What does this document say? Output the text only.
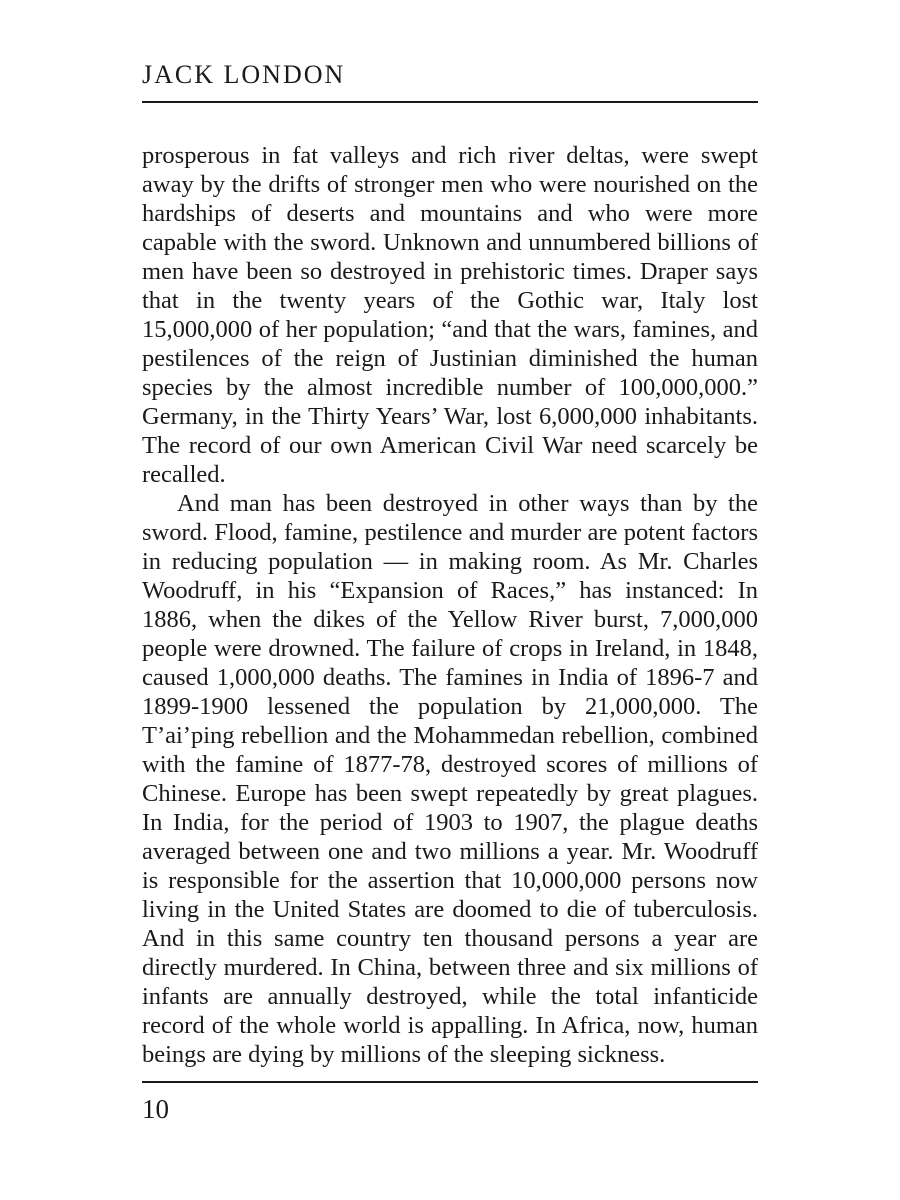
JACK LONDON

prosperous in fat valleys and rich river deltas, were swept away by the drifts of stronger men who were nourished on the hardships of deserts and mountains and who were more capable with the sword. Unknown and unnumbered billions of men have been so destroyed in prehistoric times. Draper says that in the twenty years of the Gothic war, Italy lost 15,000,000 of her population; “and that the wars, famines, and pestilences of the reign of Justinian diminished the human species by the almost incredible number of 100,000,000.” Germany, in the Thirty Years’ War, lost 6,000,000 inhabitants. The record of our own American Civil War need scarcely be recalled.

And man has been destroyed in other ways than by the sword. Flood, famine, pestilence and murder are potent factors in reducing population — in making room. As Mr. Charles Woodruff, in his “Expansion of Races,” has instanced: In 1886, when the dikes of the Yellow River burst, 7,000,000 people were drowned. The failure of crops in Ireland, in 1848, caused 1,000,000 deaths. The famines in India of 1896-7 and 1899-1900 lessened the population by 21,000,000. The T’ai’ping rebellion and the Mohammedan rebellion, combined with the famine of 1877-78, destroyed scores of millions of Chinese. Europe has been swept repeatedly by great plagues. In India, for the period of 1903 to 1907, the plague deaths averaged between one and two millions a year. Mr. Woodruff is responsible for the assertion that 10,000,000 persons now living in the United States are doomed to die of tuberculosis. And in this same country ten thousand persons a year are directly murdered. In China, between three and six millions of infants are annually destroyed, while the total infanticide record of the whole world is appalling. In Africa, now, human beings are dying by millions of the sleeping sickness.

10
